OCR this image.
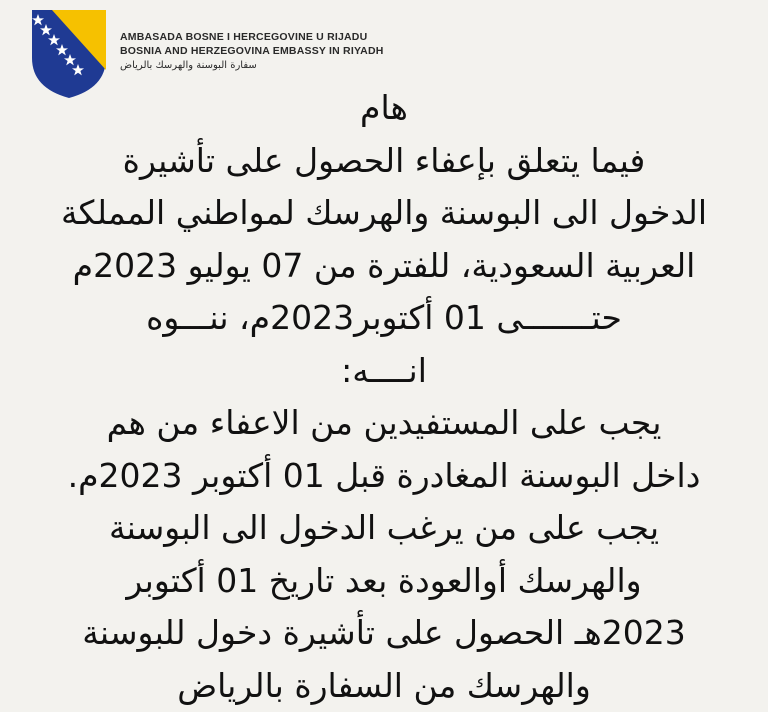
AMBASADA BOSNE I HERCEGOVINE U RIJADU
BOSNIA AND HERZEGOVINA EMBASSY IN RIYADH
سفارة البوسنة والهرسك بالرياض
هام
فيما يتعلق بإعفاء الحصول على تأشيرة
الدخول الى البوسنة والهرسك لمواطني المملكة
العربية السعودية، للفترة من 07 يوليو 2023م
حتـــــــى 01 أكتوبر2023م، ننـــوه
انــــه:
يجب على المستفيدين من الاعفاء من هم
داخل البوسنة المغادرة قبل 01 أكتوبر 2023م.
يجب على من يرغب الدخول الى البوسنة
والهرسك أوالعودة بعد تاريخ 01 أكتوبر
2023هـ الحصول على تأشيرة دخول للبوسنة
والهرسك من السفارة بالرياض
